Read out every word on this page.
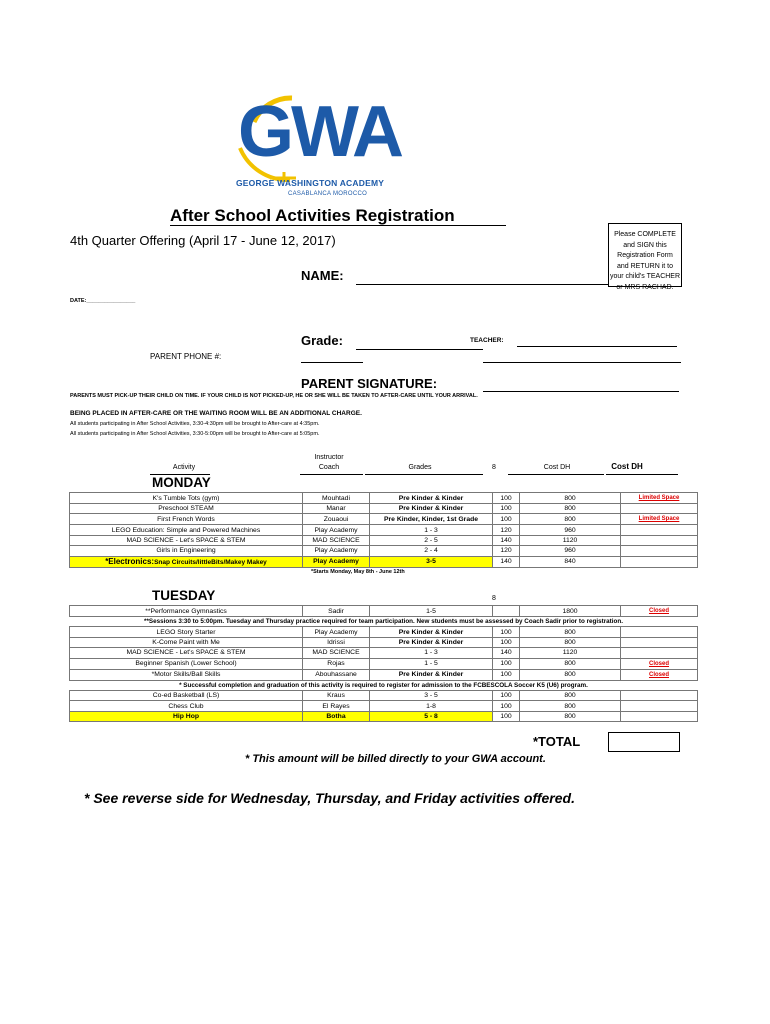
GWA
GEORGE WASHINGTON ACADEMY
CASABLANCA MOROCCO
After School Activities Registration
4th Quarter Offering (April 17 - June 12, 2017)	Please COMPLETE
and SIGN this
Registration Form
and RETURN it to
your child's TEACHER
or MRS RACHAD.
NAME:
DATE:________________
Grade:	TEACHER:
PARENT PHONE #:
PARENT SIGNATURE:
PARENTS MUST PICK-UP THEIR CHILD ON TIME. IF YOUR CHILD IS NOT PICKED-UP, HE OR SHE WILL BE TAKEN TO AFTER-CARE UNTIL YOUR ARRIVAL.
BEING PLACED IN AFTER-CARE OR THE WAITING ROOM WILL BE AN ADDITIONAL CHARGE.
All students participating in After School Activities, 3:30-4:30pm will be brought to After-care at 4:35pm.
All students participating in After School Activities, 3:30-5:00pm will be brought to After-care at 5:05pm.
Activity
Instructor
Coach	Grades	8	Cost DH	Cost DH
MONDAY
K's Tumble Tots (gym)	Mouhtadi	Pre Kinder & Kinder	100	800	Limited Space
Preschool STEAM	Manar	Pre Kinder & Kinder	100	800	
First French Words	Zouaoui	Pre Kinder, Kinder, 1st Grade	100	800	Limited Space
LEGO Education: Simple and Powered Machines	Play Academy	1 - 3	120	960	
MAD SCIENCE - Let's SPACE & STEM	MAD SCIENCE	2 - 5	140	1120	
Girls in Engineering	Play Academy	2 - 4	120	960	
*Electronics:Snap Circuits/littleBits/Makey Makey	Play Academy	3-5	140	840	
*Starts Monday, May 8th - June 12th
TUESDAY	8
**Performance Gymnastics	Sadir	1-5		1800	Closed
**Sessions 3:30 to 5:00pm. Tuesday and Thursday practice required for team participation. New students must be assessed by Coach Sadir prior to registration.					
LEGO Story Starter	Play Academy	Pre Kinder & Kinder	100	800	
K-Come Paint with Me	Idrissi	Pre Kinder & Kinder	100	800	
MAD SCIENCE - Let's SPACE & STEM	MAD SCIENCE	1 - 3	140	1120	
Beginner Spanish (Lower School)	Rojas	1 - 5	100	800	Closed
*Motor Skills/Ball Skills	Abouhassane	Pre Kinder & Kinder	100	800	Closed
* Successful completion and graduation of this activity is required to register for admission to the FCBESCOLA Soccer K5 (U6) program.					
Co-ed Basketball (LS)	Kraus	3 - 5	100	800	
Chess Club	El Rayes	1-8	100	800	
Hip Hop	Botha	5 - 8	100	800	
*TOTAL
* This amount will be billed directly to your GWA account.
* See reverse side for Wednesday, Thursday, and Friday activities offered.
